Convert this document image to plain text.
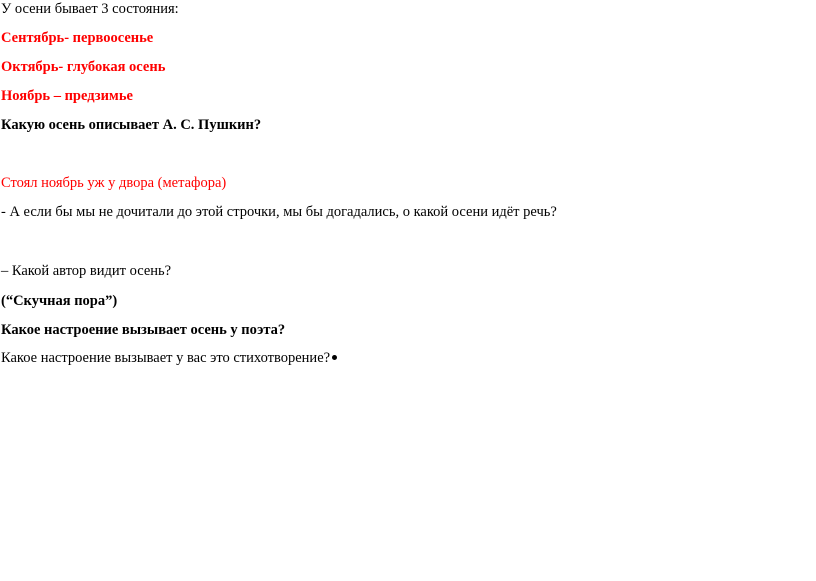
У осени бывает 3 состояния:
Сентябрь- первоосенье
Октябрь- глубокая осень
Ноябрь – предзимье
Какую осень описывает А. С. Пушкин?
Стоял ноябрь уж у двора (метафора)
- А если бы мы не дочитали до этой строчки, мы бы догадались, о какой осени идёт речь?
– Какой автор видит осень?
(“Скучная пора”)
Какое настроение вызывает осень у поэта?
Какое настроение вызывает у вас это стихотворение?
